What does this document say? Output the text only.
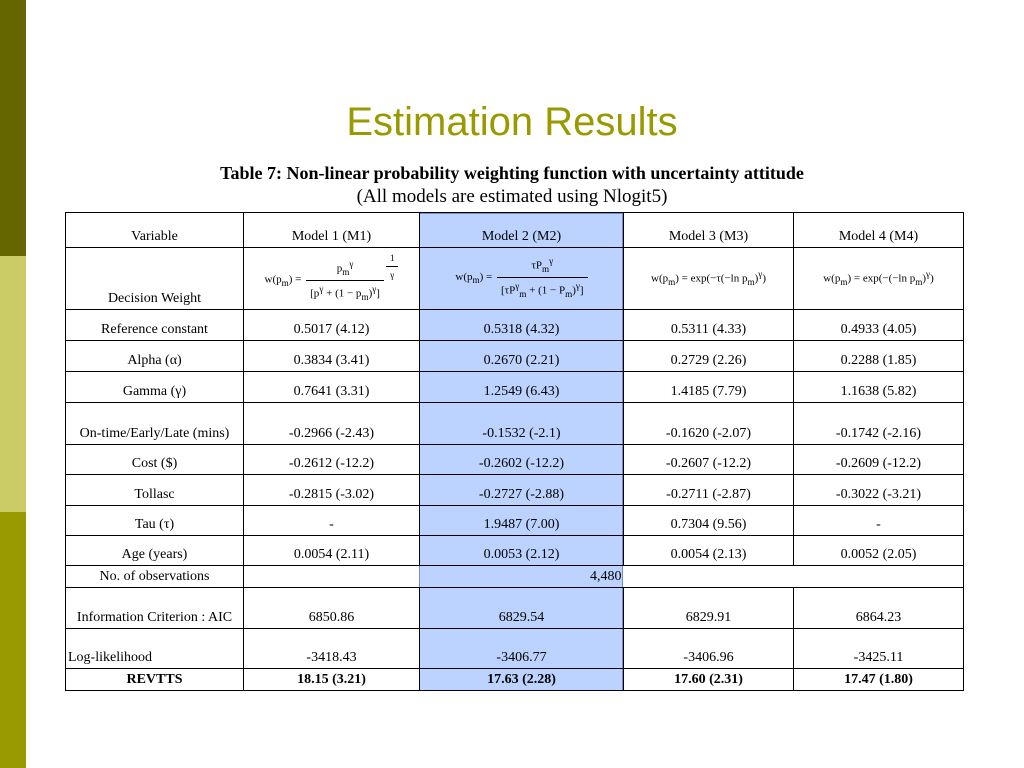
Estimation Results
Table 7: Non-linear probability weighting function with uncertainty attitude
(All models are estimated using Nlogit5)
Variable	Model 1 (M1)	Model 2 (M2)	Model 3 (M3)	Model 4 (M4)
Decision Weight	$w(p_m) = \frac{p_m^\gamma}{[p^\gamma + (1 - p_m)^\gamma]} \frac{1}{\gamma}$	$w(p_m) = \frac{\tau P_m^\gamma}{[\tau P^\gamma_m + (1 - P_m)^\gamma]}$	$w(p_m) = \exp(-\tau(-\ln$ $p_m)^\gamma$)	$w(p_m) = \exp(-(-\ln$ $p_m)^\gamma$)
Reference constant	0.5017 (4.12)	0.5318 (4.32)	0.5311 (4.33)	0.4933 (4.05)
Alpha (α)	0.3834 (3.41)	0.2670 (2.21)	0.2729 (2.26)	0.2288 (1.85)
Gamma (γ)	0.7641 (3.31)	1.2549 (6.43)	1.4185 (7.79)	1.1638 (5.82)
On-time/Early/Late (mins)	-0.2966 (-2.43)	-0.1532 (-2.1)	-0.1620 (-2.07)	-0.1742 (-2.16)
Cost ($)	-0.2612 (-12.2)	-0.2602 (-12.2)	-0.2607 (-12.2)	-0.2609 (-12.2)
Tollasc	-0.2815 (-3.02)	-0.2727 (-2.88)	-0.2711 (-2.87)	-0.3022 (-3.21)
Tau (τ)	-	1.9487 (7.00)	0.7304 (9.56)	-
Age (years)	0.0054 (2.11)	0.0053 (2.12)	0.0054 (2.13)	0.0052 (2.05)
No. of observations		4,480		
Information Criterion : AIC	6850.86	6829.54	6829.91	6864.23
Log-likelihood	-3418.43	-3406.77	-3406.96	-3425.11
REVTTS	18.15 (3.21)	17.63 (2.28)	17.60 (2.31)	17.47 (1.80)
